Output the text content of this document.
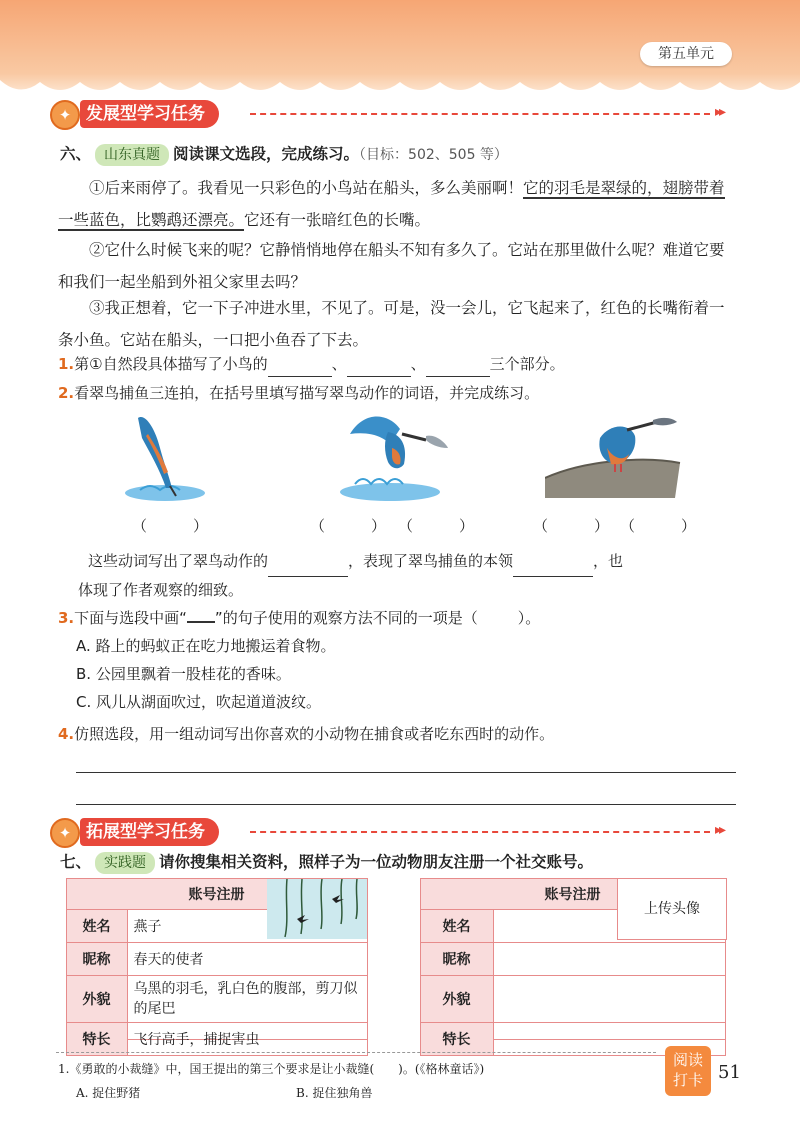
第五单元
✦ 发展型学习任务	▸▸
六、 山东真题 阅读课文选段，完成练习。（目标：502、505 等）
①后来雨停了。我看见一只彩色的小鸟站在船头，多么美丽啊！它的羽毛是翠绿的，翅膀带着一些蓝色，比鹦鹉还漂亮。它还有一张暗红色的长嘴。
②它什么时候飞来的呢？它静悄悄地停在船头不知有多久了。它站在那里做什么呢？难道它要和我们一起坐船到外祖父家里去吗？
③我正想着，它一下子冲进水里，不见了。可是，没一会儿，它飞起来了，红色的长嘴衔着一条小鱼。它站在船头，一口把小鱼吞了下去。
1.第①自然段具体描写了小鸟的	、	、	三个部分。
2.看翠鸟捕鱼三连拍，在括号里填写描写翠鸟动作的词语，并完成练习。
（	）	（	） （	）	（	） （	）
这些动词写出了翠鸟动作的	，表现了翠鸟捕鱼的本领	，也
体现了作者观察的细致。
3.下面与选段中画“ ”的句子使用的观察方法不同的一项是（	）。
A. 路上的蚂蚁正在吃力地搬运着食物。
B. 公园里飘着一股桂花的香味。
C. 风儿从湖面吹过，吹起道道波纹。
4.仿照选段，用一组动词写出你喜欢的小动物在捕食或者吃东西时的动作。
✦ 拓展型学习任务	▸▸
七、 实践题 请你搜集相关资料，照样子为一位动物朋友注册一个社交账号。
账号注册	
姓名	燕子
昵称	春天的使者
外貌	乌黑的羽毛，乳白色的腹部，剪刀似的尾巴
特长	飞行高手，捕捉害虫
账号注册	
姓名	
昵称	
外貌	
特长	
上传头像
1.《勇敢的小裁缝》中，国王提出的第三个要求是让小裁缝(　　)。(《格林童话》)
A. 捉住野猪	B. 捉住独角兽
阅读
打卡 51
